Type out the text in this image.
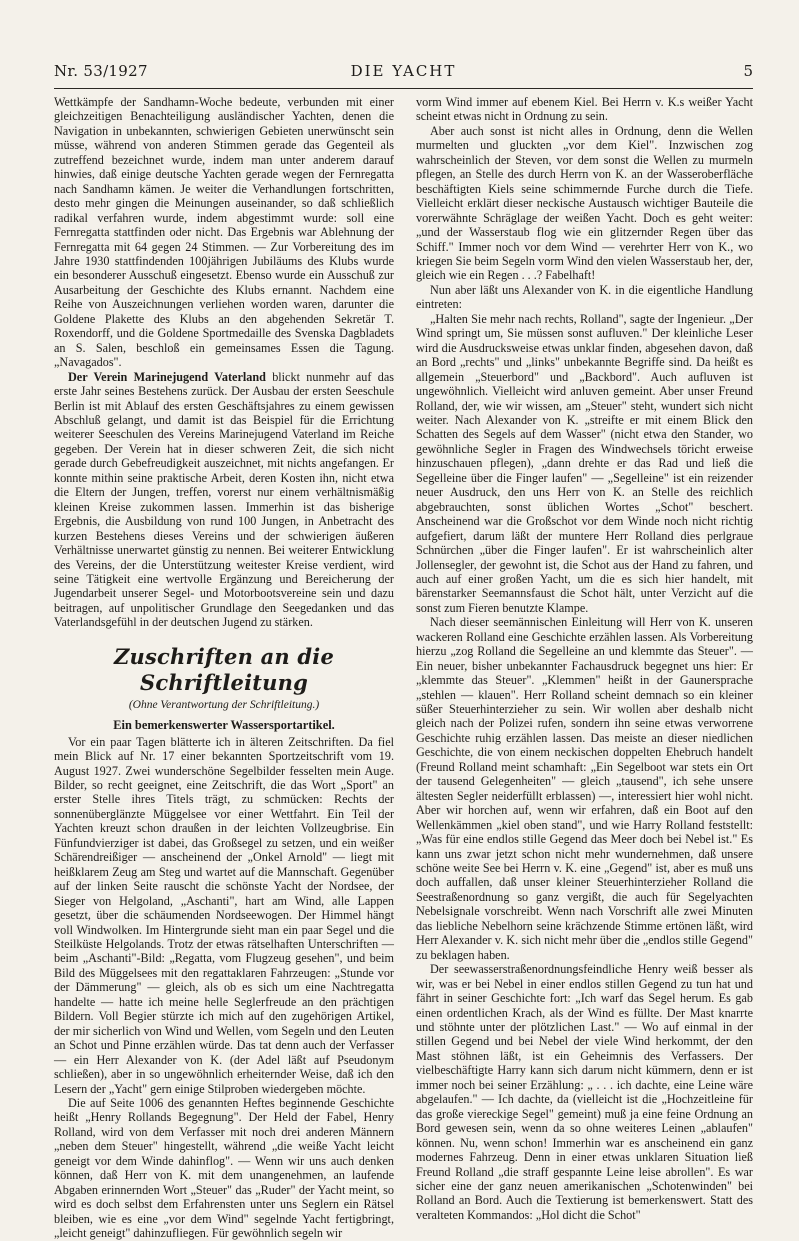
Nr. 53/1927	DIE YACHT	5

Wettkämpfe der Sandhamn-Woche bedeute, verbunden mit einer gleichzeitigen Benachteiligung ausländischer Yachten, denen die Navigation in unbekannten, schwierigen Gebieten unerwünscht sein müsse, während von anderen Stimmen gerade das Gegenteil als zutreffend bezeichnet wurde, indem man unter anderem darauf hinwies, daß einige deutsche Yachten gerade wegen der Fernregatta nach Sandhamn kämen. Je weiter die Verhandlungen fortschritten, desto mehr gingen die Meinungen auseinander, so daß schließlich radikal verfahren wurde, indem abgestimmt wurde: soll eine Fernregatta stattfinden oder nicht. Das Ergebnis war Ablehnung der Fernregatta mit 64 gegen 24 Stimmen. — Zur Vorbereitung des im Jahre 1930 stattfindenden 100jährigen Jubiläums des Klubs wurde ein besonderer Ausschuß eingesetzt. Ebenso wurde ein Ausschuß zur Ausarbeitung der Geschichte des Klubs ernannt. Nachdem eine Reihe von Auszeichnungen verliehen worden waren, darunter die Goldene Plakette des Klubs an den abgehenden Sekretär T. Roxendorff, und die Goldene Sportmedaille des Svenska Dagbladets an S. Salen, beschloß ein gemeinsames Essen die Tagung. „Navagados".

Der Verein Marinejugend Vaterland blickt nunmehr auf das erste Jahr seines Bestehens zurück. Der Ausbau der ersten Seeschule Berlin ist mit Ablauf des ersten Geschäftsjahres zu einem gewissen Abschluß gelangt, und damit ist das Beispiel für die Errichtung weiterer Seeschulen des Vereins Marinejugend Vaterland im Reiche gegeben. Der Verein hat in dieser schweren Zeit, die sich nicht gerade durch Gebefreudigkeit auszeichnet, mit nichts angefangen. Er konnte mithin seine praktische Arbeit, deren Kosten ihn, nicht etwa die Eltern der Jungen, treffen, vorerst nur einem verhältnismäßig kleinen Kreise zukommen lassen. Immerhin ist das bisherige Ergebnis, die Ausbildung von rund 100 Jungen, in Anbetracht des kurzen Bestehens dieses Vereins und der schwierigen äußeren Verhältnisse unerwartet günstig zu nennen. Bei weiterer Entwicklung des Vereins, der die Unterstützung weitester Kreise verdient, wird seine Tätigkeit eine wertvolle Ergänzung und Bereicherung der Jugendarbeit unserer Segel- und Motorbootsvereine sein und dazu beitragen, auf unpolitischer Grundlage den Seegedanken und das Vaterlandsgefühl in der deutschen Jugend zu stärken.

Zuschriften an die Schriftleitung
(Ohne Verantwortung der Schriftleitung.)
Ein bemerkenswerter Wassersportartikel.

Vor ein paar Tagen blätterte ich in älteren Zeitschriften. Da fiel mein Blick auf Nr. 17 einer bekannten Sportzeitschrift vom 19. August 1927. Zwei wunderschöne Segelbilder fesselten mein Auge. Bilder, so recht geeignet, eine Zeitschrift, die das Wort „Sport" an erster Stelle ihres Titels trägt, zu schmücken: Rechts der sonnenüberglänzte Müggelsee vor einer Wettfahrt. Ein Teil der Yachten kreuzt schon draußen in der leichten Vollzeugbrise. Ein Fünfundvierziger ist dabei, das Großsegel zu setzen, und ein weißer Schärendreißiger — anscheinend der „Onkel Arnold" — liegt mit heißklarem Zeug am Steg und wartet auf die Mannschaft. Gegenüber auf der linken Seite rauscht die schönste Yacht der Nordsee, der Sieger von Helgoland, „Aschanti", hart am Wind, alle Lappen gesetzt, über die schäumenden Nordseewogen. Der Himmel hängt voll Windwolken. Im Hintergrunde sieht man ein paar Segel und die Steilküste Helgolands. Trotz der etwas rätselhaften Unterschriften — beim „Aschanti"-Bild: „Regatta, vom Flugzeug gesehen", und beim Bild des Müggelsees mit den regattaklaren Fahrzeugen: „Stunde vor der Dämmerung" — gleich, als ob es sich um eine Nachtregatta handelte — hatte ich meine helle Seglerfreude an den prächtigen Bildern. Voll Begier stürzte ich mich auf den zugehörigen Artikel, der mir sicherlich von Wind und Wellen, vom Segeln und den Leuten an Schot und Pinne erzählen würde. Das tat denn auch der Verfasser — ein Herr Alexander von K. (der Adel läßt auf Pseudonym schließen), aber in so ungewöhnlich erheiternder Weise, daß ich den Lesern der „Yacht" gern einige Stilproben wiedergeben möchte.

Die auf Seite 1006 des genannten Heftes beginnende Geschichte heißt „Henry Rollands Begegnung". Der Held der Fabel, Henry Rolland, wird von dem Verfasser mit noch drei anderen Männern „neben dem Steuer" hingestellt, während „die weiße Yacht leicht geneigt vor dem Winde dahinflog". — Wenn wir uns auch denken können, daß Herr von K. mit dem unangenehmen, an laufende Abgaben erinnernden Wort „Steuer" das „Ruder" der Yacht meint, so wird es doch selbst dem Erfahrensten unter uns Seglern ein Rätsel bleiben, wie es eine „vor dem Wind" segelnde Yacht fertigbringt, „leicht geneigt" dahinzufliegen. Für gewöhnlich segeln wir

vorm Wind immer auf ebenem Kiel. Bei Herrn v. K.s weißer Yacht scheint etwas nicht in Ordnung zu sein.

Aber auch sonst ist nicht alles in Ordnung, denn die Wellen murmelten und gluckten „vor dem Kiel". Inzwischen zog wahrscheinlich der Steven, vor dem sonst die Wellen zu murmeln pflegen, an Stelle des durch Herrn von K. an der Wasseroberfläche beschäftigten Kiels seine schimmernde Furche durch die Tiefe. Vielleicht erklärt dieser neckische Austausch wichtiger Bauteile die vorerwähnte Schräglage der weißen Yacht. Doch es geht weiter: „und der Wasserstaub flog wie ein glitzernder Regen über das Schiff." Immer noch vor dem Wind — verehrter Herr von K., wo kriegen Sie beim Segeln vorm Wind den vielen Wasserstaub her, der, gleich wie ein Regen . . .? Fabelhaft!

Nun aber läßt uns Alexander von K. in die eigentliche Handlung eintreten:

„Halten Sie mehr nach rechts, Rolland", sagte der Ingenieur. „Der Wind springt um, Sie müssen sonst aufluven." Der kleinliche Leser wird die Ausdrucksweise etwas unklar finden, abgesehen davon, daß an Bord „rechts" und „links" unbekannte Begriffe sind. Da heißt es allgemein „Steuerbord" und „Backbord". Auch aufluven ist ungewöhnlich. Vielleicht wird anluven gemeint. Aber unser Freund Rolland, der, wie wir wissen, am „Steuer" steht, wundert sich nicht weiter. Nach Alexander von K. „streifte er mit einem Blick den Schatten des Segels auf dem Wasser" (nicht etwa den Stander, wo gewöhnliche Segler in Fragen des Windwechsels töricht erweise hinzuschauen pflegen), „dann drehte er das Rad und ließ die Segelleine über die Finger laufen" — „Segelleine" ist ein reizender neuer Ausdruck, den uns Herr von K. an Stelle des reichlich abgebrauchten, sonst üblichen Wortes „Schot" beschert. Anscheinend war die Großschot vor dem Winde noch nicht richtig aufgefiert, darum läßt der muntere Herr Rolland dies perlgraue Schnürchen „über die Finger laufen". Er ist wahrscheinlich alter Jollensegler, der gewohnt ist, die Schot aus der Hand zu fahren, und auch auf einer großen Yacht, um die es sich hier handelt, mit bärenstarker Seemannsfaust die Schot hält, unter Verzicht auf die sonst zum Fieren benutzte Klampe.

Nach dieser seemännischen Einleitung will Herr von K. unseren wackeren Rolland eine Geschichte erzählen lassen. Als Vorbereitung hierzu „zog Rolland die Segelleine an und klemmte das Steuer". — Ein neuer, bisher unbekannter Fachausdruck begegnet uns hier: Er „klemmte das Steuer". „Klemmen" heißt in der Gaunersprache „stehlen — klauen". Herr Rolland scheint demnach so ein kleiner süßer Steuerhinterzieher zu sein. Wir wollen aber deshalb nicht gleich nach der Polizei rufen, sondern ihn seine etwas verworrene Geschichte ruhig erzählen lassen. Das meiste an dieser niedlichen Geschichte, die von einem neckischen doppelten Ehebruch handelt (Freund Rolland meint schamhaft: „Ein Segelboot war stets ein Ort der tausend Gelegenheiten" — gleich „tausend", ich sehe unsere ältesten Segler neiderfüllt erblassen) —, interessiert hier wohl nicht. Aber wir horchen auf, wenn wir erfahren, daß ein Boot auf den Wellenkämmen „kiel oben stand", und wie Harry Rolland feststellt: „Was für eine endlos stille Gegend das Meer doch bei Nebel ist." Es kann uns zwar jetzt schon nicht mehr wundernehmen, daß unsere schöne weite See bei Herrn v. K. eine „Gegend" ist, aber es muß uns doch auffallen, daß unser kleiner Steuerhinterzieher Rolland die Seestraßenordnung so ganz vergißt, die auch für Segelyachten Nebelsignale vorschreibt. Wenn nach Vorschrift alle zwei Minuten das liebliche Nebelhorn seine krächzende Stimme ertönen läßt, wird Herr Alexander v. K. sich nicht mehr über die „endlos stille Gegend" zu beklagen haben.

Der seewasserstraßenordnungsfeindliche Henry weiß besser als wir, was er bei Nebel in einer endlos stillen Gegend zu tun hat und fährt in seiner Geschichte fort: „Ich warf das Segel herum. Es gab einen ordentlichen Krach, als der Wind es füllte. Der Mast knarrte und stöhnte unter der plötzlichen Last." — Wo auf einmal in der stillen Gegend und bei Nebel der viele Wind herkommt, der den Mast stöhnen läßt, ist ein Geheimnis des Verfassers. Der vielbeschäftigte Harry kann sich darum nicht kümmern, denn er ist immer noch bei seiner Erzählung: „ . . . ich dachte, eine Leine wäre abgelaufen." — Ich dachte, da (vielleicht ist die „Hochzeitleine für das große viereckige Segel" gemeint) muß ja eine feine Ordnung an Bord gewesen sein, wenn da so ohne weiteres Leinen „ablaufen" können. Nu, wenn schon! Immerhin war es anscheinend ein ganz modernes Fahrzeug. Denn in einer etwas unklaren Situation ließ Freund Rolland „die straff gespannte Leine leise abrollen". Es war sicher eine der ganz neuen amerikanischen „Schotenwinden" bei Rolland an Bord. Auch die Textierung ist bemerkenswert. Statt des veralteten Kommandos: „Hol dicht die Schot"
